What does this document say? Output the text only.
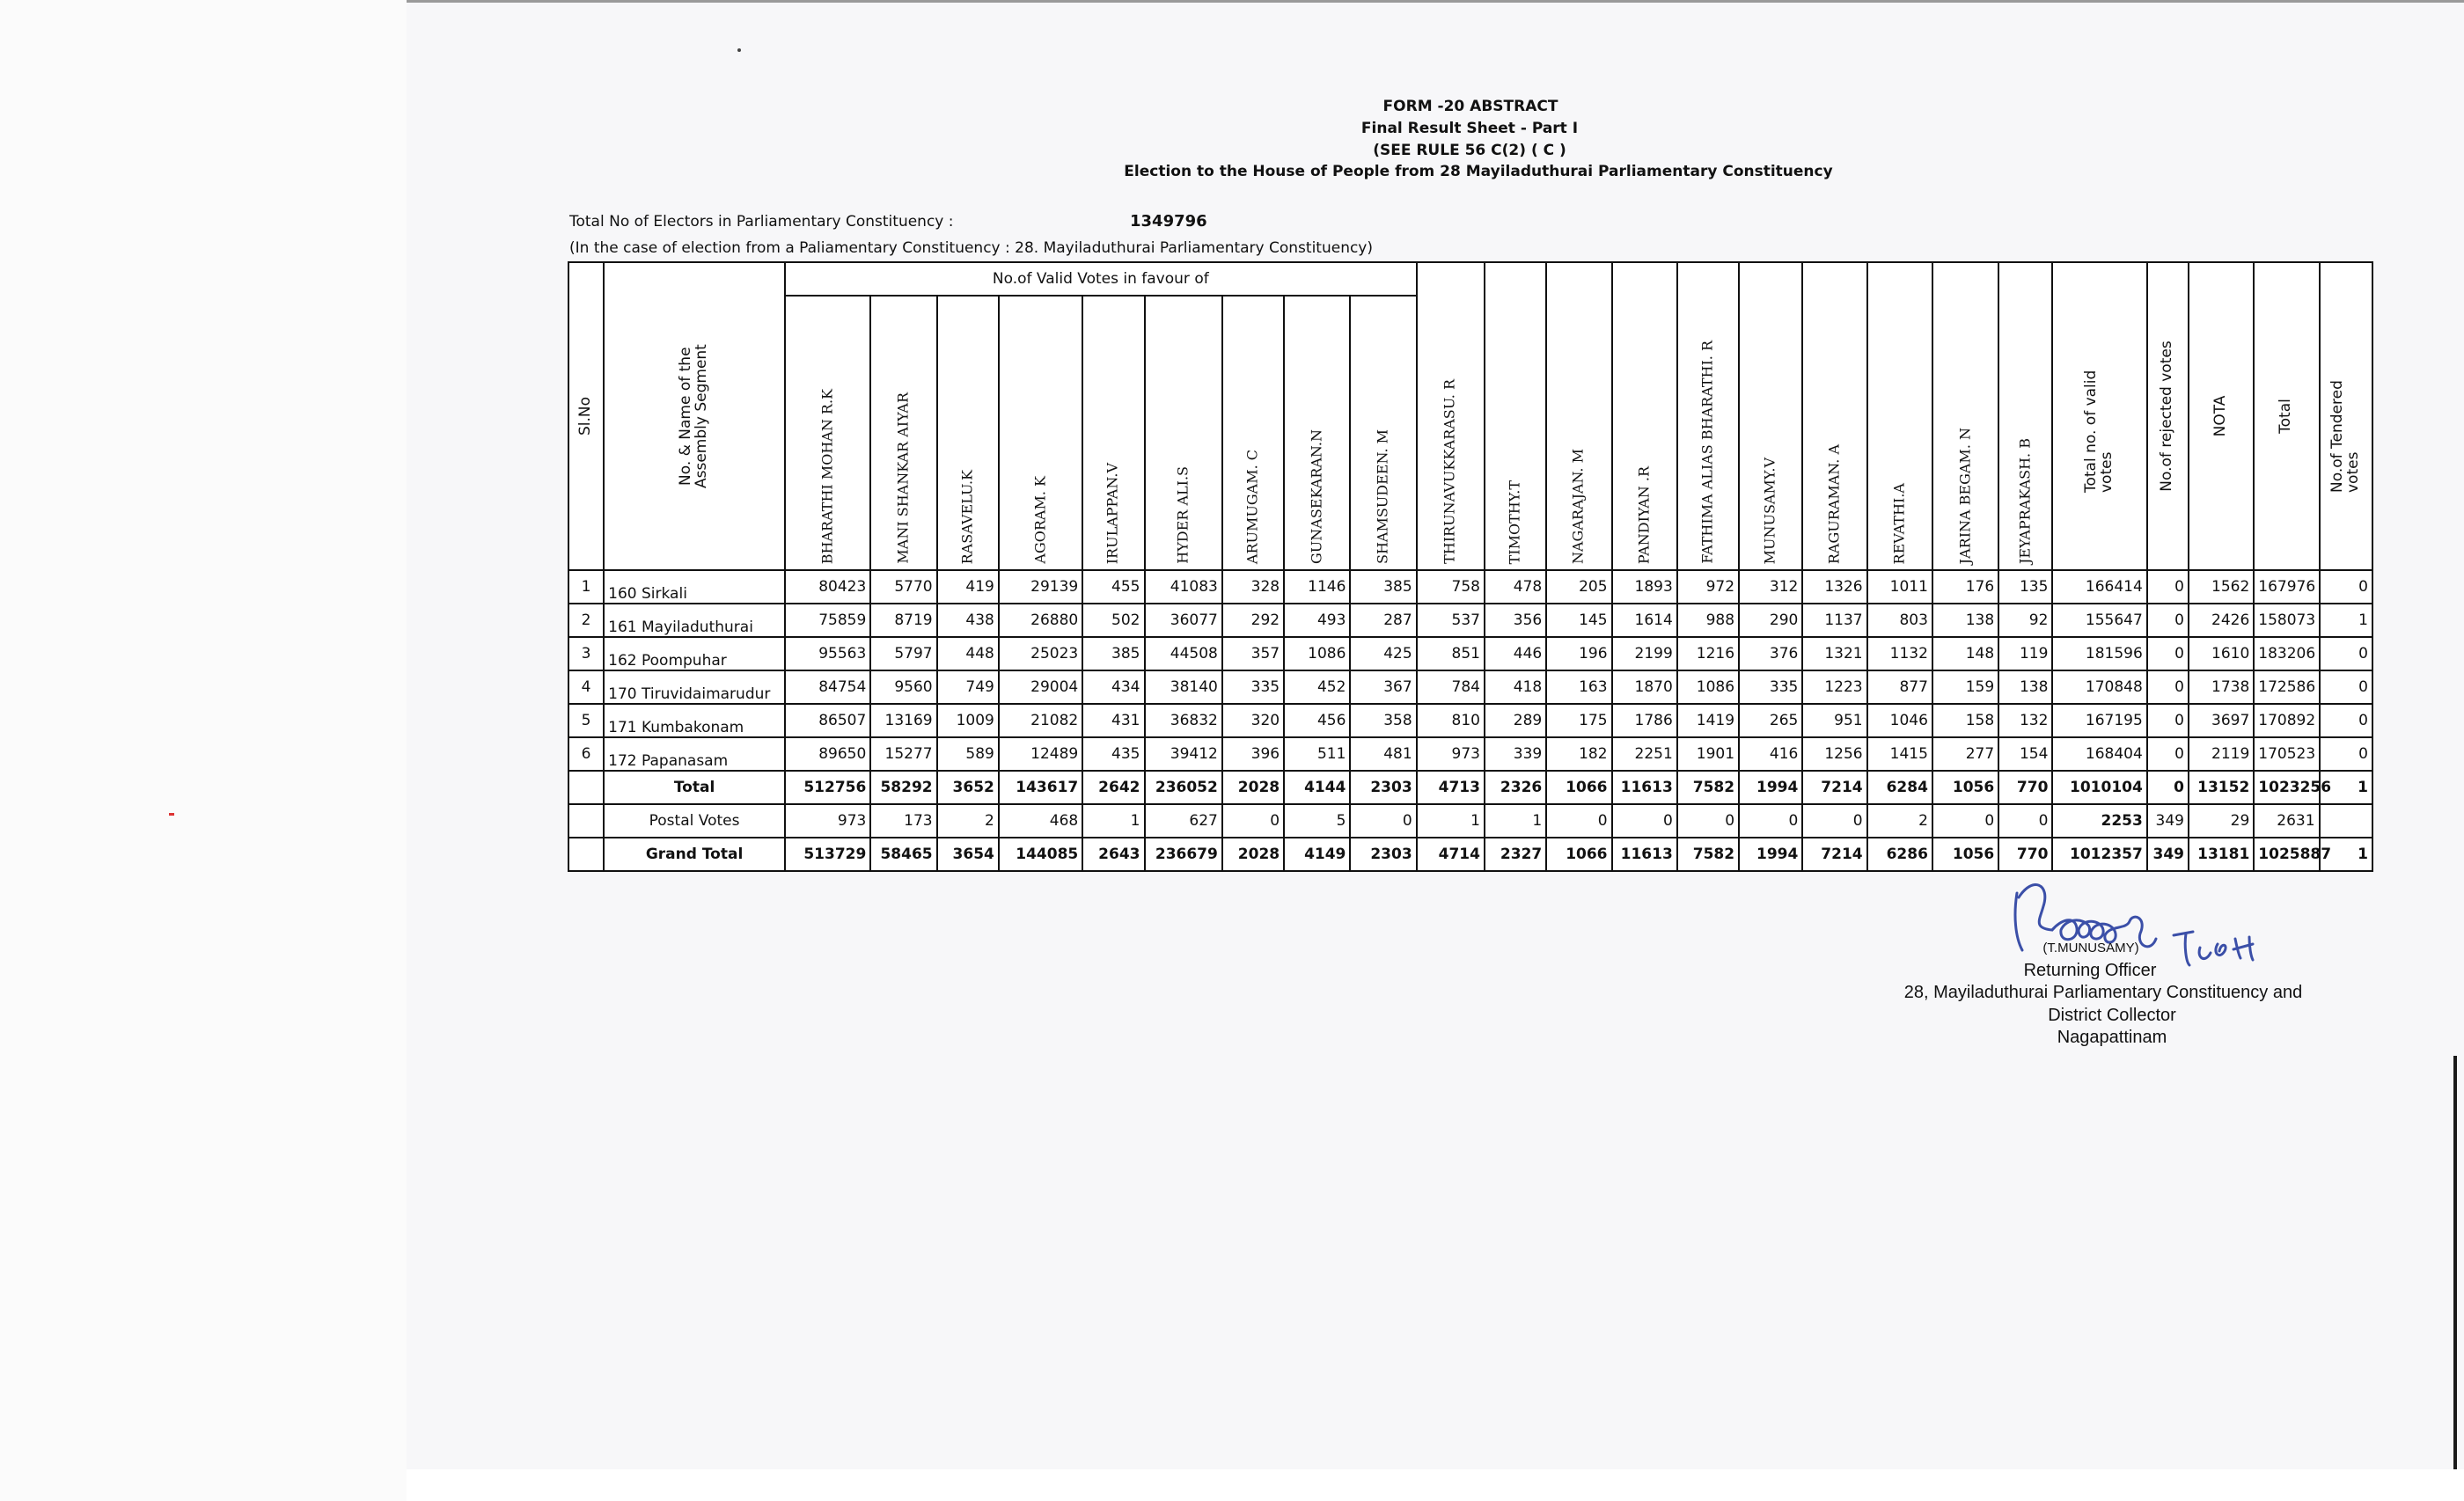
FORM -20 ABSTRACT
Final Result Sheet - Part I
(SEE RULE 56 C(2) ( C )
Election to the House of People from 28 Mayiladuthurai Parliamentary Constituency
Total No of Electors in Parliamentary Constituency :	1349796
(In the case of election from a Paliamentary Constituency : 28. Mayiladuthurai Parliamentary Constituency)
Sl.No	No. & Name of the Assembly Segment	No.of Valid Votes in favour of									THIRUNAVUKKARASU. R	TIMOTHY.T	NAGARAJAN. M	PANDIYAN .R	FATHIMA ALIAS BHARATHI. R	MUNUSAMY.V	RAGURAMAN. A	REVATHI.A	JARINA BEGAM. N	JEYAPRAKASH. B	Total no. of valid votes	No.of rejected votes	NOTA	Total	No.of Tendered votes

		BHARATHI MOHAN R.K	MANI SHANKAR AIYAR	RASAVELU.K	AGORAM. K	IRULAPPAN.V	HYDER ALI.S	ARUMUGAM. C	GUNASEKARAN.N	SHAMSUDEEN. M															

1	160 Sirkali	80423	5770	419	29139	455	41083	328	1146	385	758	478	205	1893	972	312	1326	1011	176	135	166414	0	1562	167976	0
2	161 Mayiladuthurai	75859	8719	438	26880	502	36077	292	493	287	537	356	145	1614	988	290	1137	803	138	92	155647	0	2426	158073	1
3	162 Poompuhar	95563	5797	448	25023	385	44508	357	1086	425	851	446	196	2199	1216	376	1321	1132	148	119	181596	0	1610	183206	0
4	170 Tiruvidaimarudur	84754	9560	749	29004	434	38140	335	452	367	784	418	163	1870	1086	335	1223	877	159	138	170848	0	1738	172586	0
5	171 Kumbakonam	86507	13169	1009	21082	431	36832	320	456	358	810	289	175	1786	1419	265	951	1046	158	132	167195	0	3697	170892	0
6	172 Papanasam	89650	15277	589	12489	435	39412	396	511	481	973	339	182	2251	1901	416	1256	1415	277	154	168404	0	2119	170523	0
	Total	512756	58292	3652	143617	2642	236052	2028	4144	2303	4713	2326	1066	11613	7582	1994	7214	6284	1056	770	1010104	0	13152	1023256	1
	Postal Votes	973	173	2	468	1	627	0	5	0	1	1	0	0	0	0	0	2	0	0	2253	349	29	2631	
	Grand Total	513729	58465	3654	144085	2643	236679	2028	4149	2303	4714	2327	1066	11613	7582	1994	7214	6286	1056	770	1012357	349	13181	1025887	1
(T.MUNUSAMY)
Returning Officer
28, Mayiladuthurai Parliamentary Constituency and
District Collector
Nagapattinam
